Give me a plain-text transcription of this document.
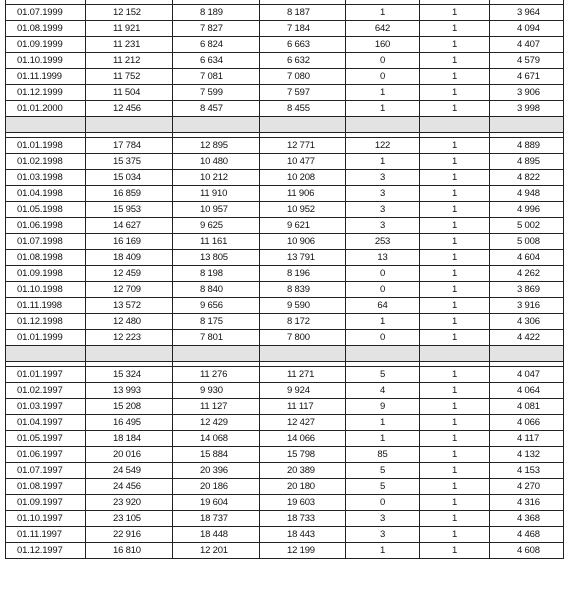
01.07.1999	12 152	8 189	8 187	1	1	3 964
01.08.1999	11 921	7 827	7 184	642	1	4 094
01.09.1999	11 231	6 824	6 663	160	1	4 407
01.10.1999	11 212	6 634	6 632	0	1	4 579
01.11.1999	11 752	7 081	7 080	0	1	4 671
01.12.1999	11 504	7 599	7 597	1	1	3 906
01.01.2000	12 456	8 457	8 455	1	1	3 998

01.01.1998	17 784	12 895	12 771	122	1	4 889
01.02.1998	15 375	10 480	10 477	1	1	4 895
01.03.1998	15 034	10 212	10 208	3	1	4 822
01.04.1998	16 859	11 910	11 906	3	1	4 948
01.05.1998	15 953	10 957	10 952	3	1	4 996
01.06.1998	14 627	9 625	9 621	3	1	5 002
01.07.1998	16 169	11 161	10 906	253	1	5 008
01.08.1998	18 409	13 805	13 791	13	1	4 604
01.09.1998	12 459	8 198	8 196	0	1	4 262
01.10.1998	12 709	8 840	8 839	0	1	3 869
01.11.1998	13 572	9 656	9 590	64	1	3 916
01.12.1998	12 480	8 175	8 172	1	1	4 306
01.01.1999	12 223	7 801	7 800	0	1	4 422

01.01.1997	15 324	11 276	11 271	5	1	4 047
01.02.1997	13 993	9 930	9 924	4	1	4 064
01.03.1997	15 208	11 127	11 117	9	1	4 081
01.04.1997	16 495	12 429	12 427	1	1	4 066
01.05.1997	18 184	14 068	14 066	1	1	4 117
01.06.1997	20 016	15 884	15 798	85	1	4 132
01.07.1997	24 549	20 396	20 389	5	1	4 153
01.08.1997	24 456	20 186	20 180	5	1	4 270
01.09.1997	23 920	19 604	19 603	0	1	4 316
01.10.1997	23 105	18 737	18 733	3	1	4 368
01.11.1997	22 916	18 448	18 443	3	1	4 468
01.12.1997	16 810	12 201	12 199	1	1	4 608
